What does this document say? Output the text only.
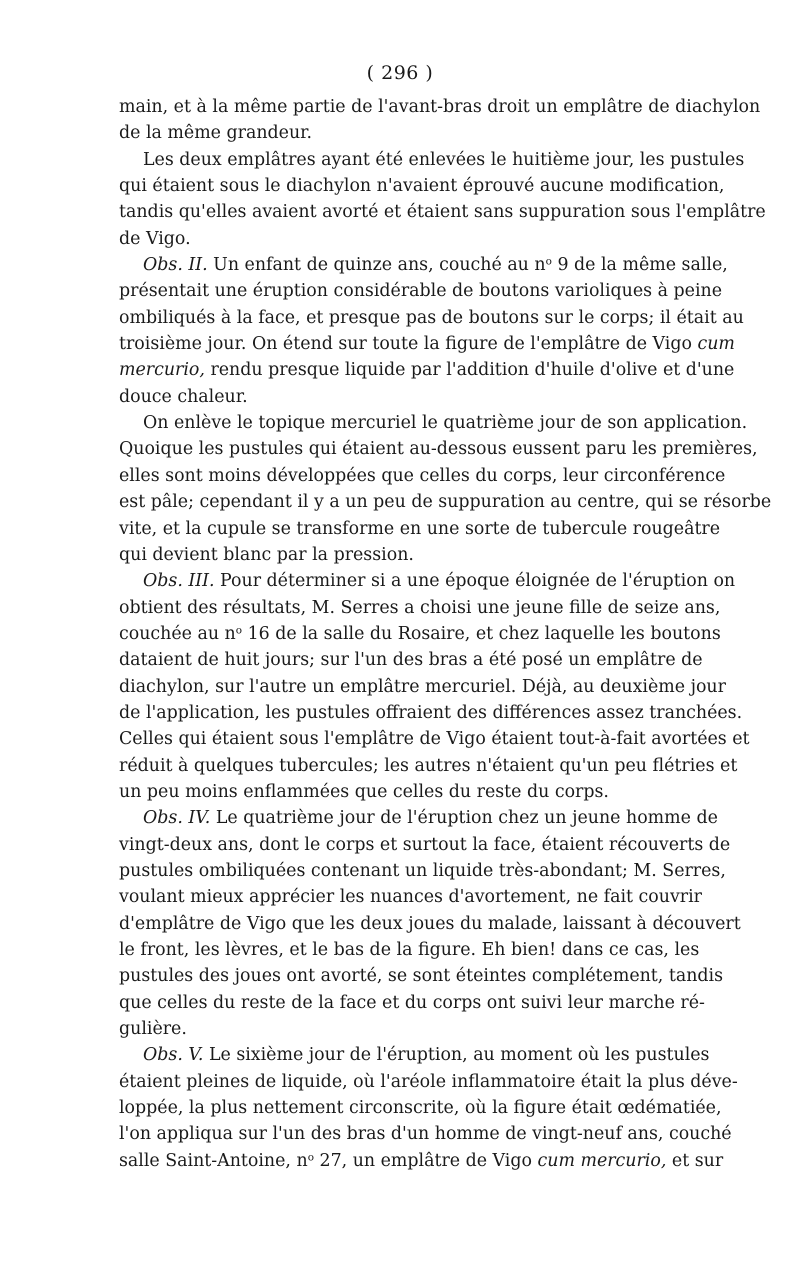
( 296 )
main, et à la même partie de l'avant-bras droit un emplâtre de diachylon
de la même grandeur.
Les deux emplâtres ayant été enlevées le huitième jour, les pustules
qui étaient sous le diachylon n'avaient éprouvé aucune modification,
tandis qu'elles avaient avorté et étaient sans suppuration sous l'emplâtre
de Vigo.
Obs. II. Un enfant de quinze ans, couché au $n^o$ 9 de la même salle,
présentait une éruption considérable de boutons varioliques à peine
ombiliqués à la face, et presque pas de boutons sur le corps; il était au
troisième jour. On étend sur toute la figure de l'emplâtre de Vigo cum
mercurio, rendu presque liquide par l'addition d'huile d'olive et d'une
douce chaleur.
On enlève le topique mercuriel le quatrième jour de son application.
Quoique les pustules qui étaient au-dessous eussent paru les premières,
elles sont moins développées que celles du corps, leur circonférence
est pâle; cependant il y a un peu de suppuration au centre, qui se résorbe
vite, et la cupule se transforme en une sorte de tubercule rougeâtre
qui devient blanc par la pression.
Obs. III. Pour déterminer si a une époque éloignée de l'éruption on
obtient des résultats, M. Serres a choisi une jeune fille de seize ans,
couchée au $n^o$ 16 de la salle du Rosaire, et chez laquelle les boutons
dataient de huit jours; sur l'un des bras a été posé un emplâtre de
diachylon, sur l'autre un emplâtre mercuriel. Déjà, au deuxième jour
de l'application, les pustules offraient des différences assez tranchées.
Celles qui étaient sous l'emplâtre de Vigo étaient tout-à-fait avortées et
réduit à quelques tubercules; les autres n'étaient qu'un peu flétries et
un peu moins enflammées que celles du reste du corps.
Obs. IV. Le quatrième jour de l'éruption chez un jeune homme de
vingt-deux ans, dont le corps et surtout la face, étaient récouverts de
pustules ombiliquées contenant un liquide très-abondant; M. Serres,
voulant mieux apprécier les nuances d'avortement, ne fait couvrir
d'emplâtre de Vigo que les deux joues du malade, laissant à découvert
le front, les lèvres, et le bas de la figure. Eh bien! dans ce cas, les
pustules des joues ont avorté, se sont éteintes complétement, tandis
que celles du reste de la face et du corps ont suivi leur marche ré-
gulière.
Obs. V. Le sixième jour de l'éruption, au moment où les pustules
étaient pleines de liquide, où l'aréole inflammatoire était la plus déve-
loppée, la plus nettement circonscrite, où la figure était œdématiée,
l'on appliqua sur l'un des bras d'un homme de vingt-neuf ans, couché
salle Saint-Antoine, $n^o$ 27, un emplâtre de Vigo cum mercurio, et sur
